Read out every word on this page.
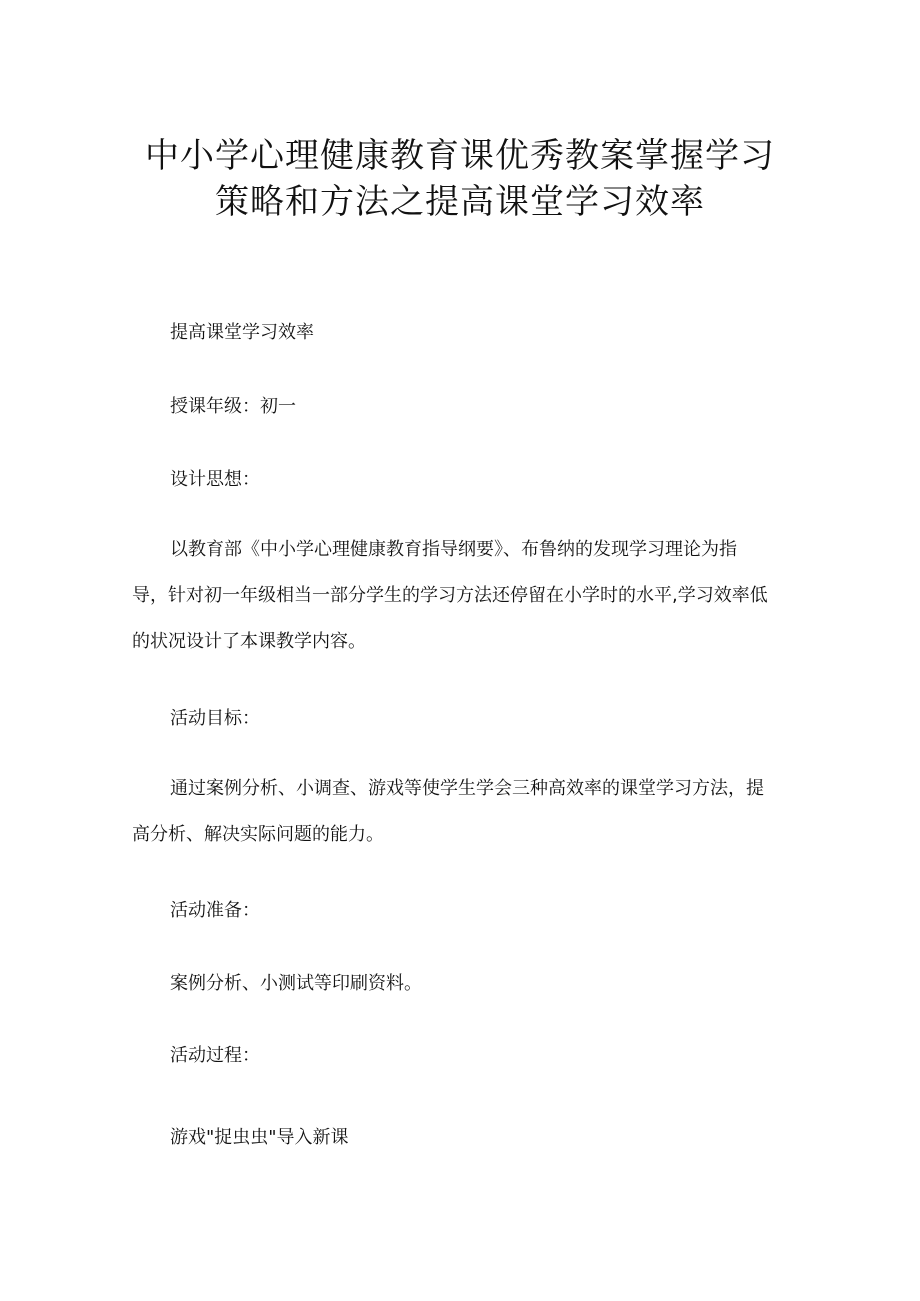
中小学心理健康教育课优秀教案掌握学习
策略和方法之提高课堂学习效率
提高课堂学习效率
授课年级：初一
设计思想：
以教育部《中小学心理健康教育指导纲要》、布鲁纳的发现学习理论为指
导，针对初一年级相当一部分学生的学习方法还停留在小学时的水平,学习效率低
的状况设计了本课教学内容。
活动目标：
通过案例分析、小调查、游戏等使学生学会三种高效率的课堂学习方法，提
高分析、解决实际问题的能力。
活动准备：
案例分析、小测试等印刷资料。
活动过程：
游戏"捉虫虫"导入新课
